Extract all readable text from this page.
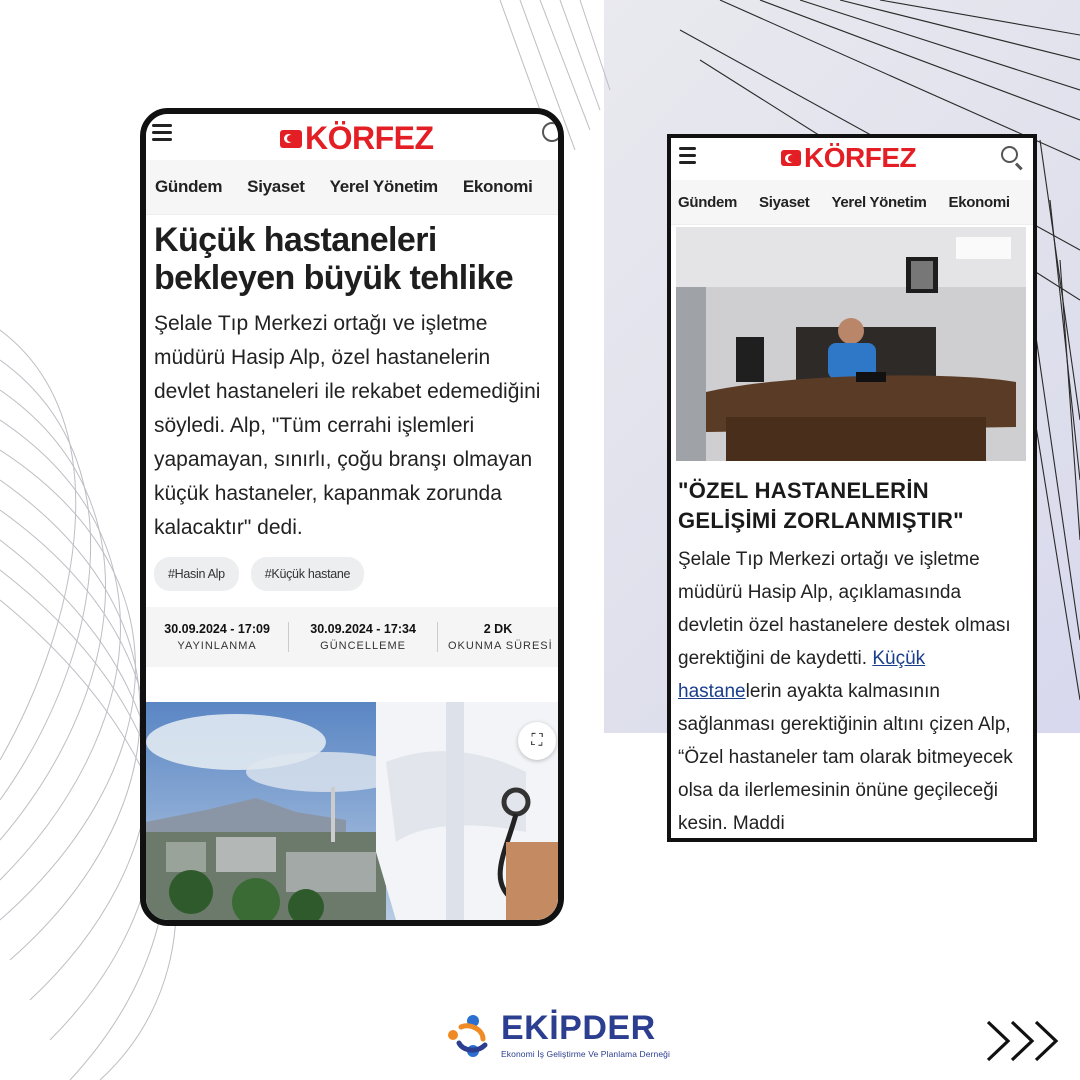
KÖRFEZ
Gündem Siyaset Yerel Yönetim Ekonomi
Küçük hastaneleri bekleyen büyük tehlike
Şelale Tıp Merkezi ortağı ve işletme müdürü Hasip Alp, özel hastanelerin devlet hastaneleri ile rekabet edemediğini söyledi. Alp, "Tüm cerrahi işlemleri yapamayan, sınırlı, çoğu branşı olmayan küçük hastaneler, kapanmak zorunda kalacaktır" dedi.
#Hasin Alp	#Küçük hastane
30.09.2024 - 17:09
YAYINLANMA
30.09.2024 - 17:34
GÜNCELLEME
2 DK
OKUNMA SÜRESİ
⛶
KÖRFEZ
Gündem Siyaset Yerel Yönetim Ekonomi
"ÖZEL HASTANELERİN GELİŞİMİ ZORLANMIŞTIR"
Şelale Tıp Merkezi ortağı ve işletme müdürü Hasip Alp, açıklamasında devletin özel hastanelere destek olması gerektiğini de kaydetti. Küçük hastanelerin ayakta kalmasının sağlanması gerektiğinin altını çizen Alp, “Özel hastaneler tam olarak bitmeyecek olsa da ilerlemesinin önüne geçileceği kesin. Maddi
EKİPDER
Ekonomi İş Geliştirme Ve Planlama Derneği
